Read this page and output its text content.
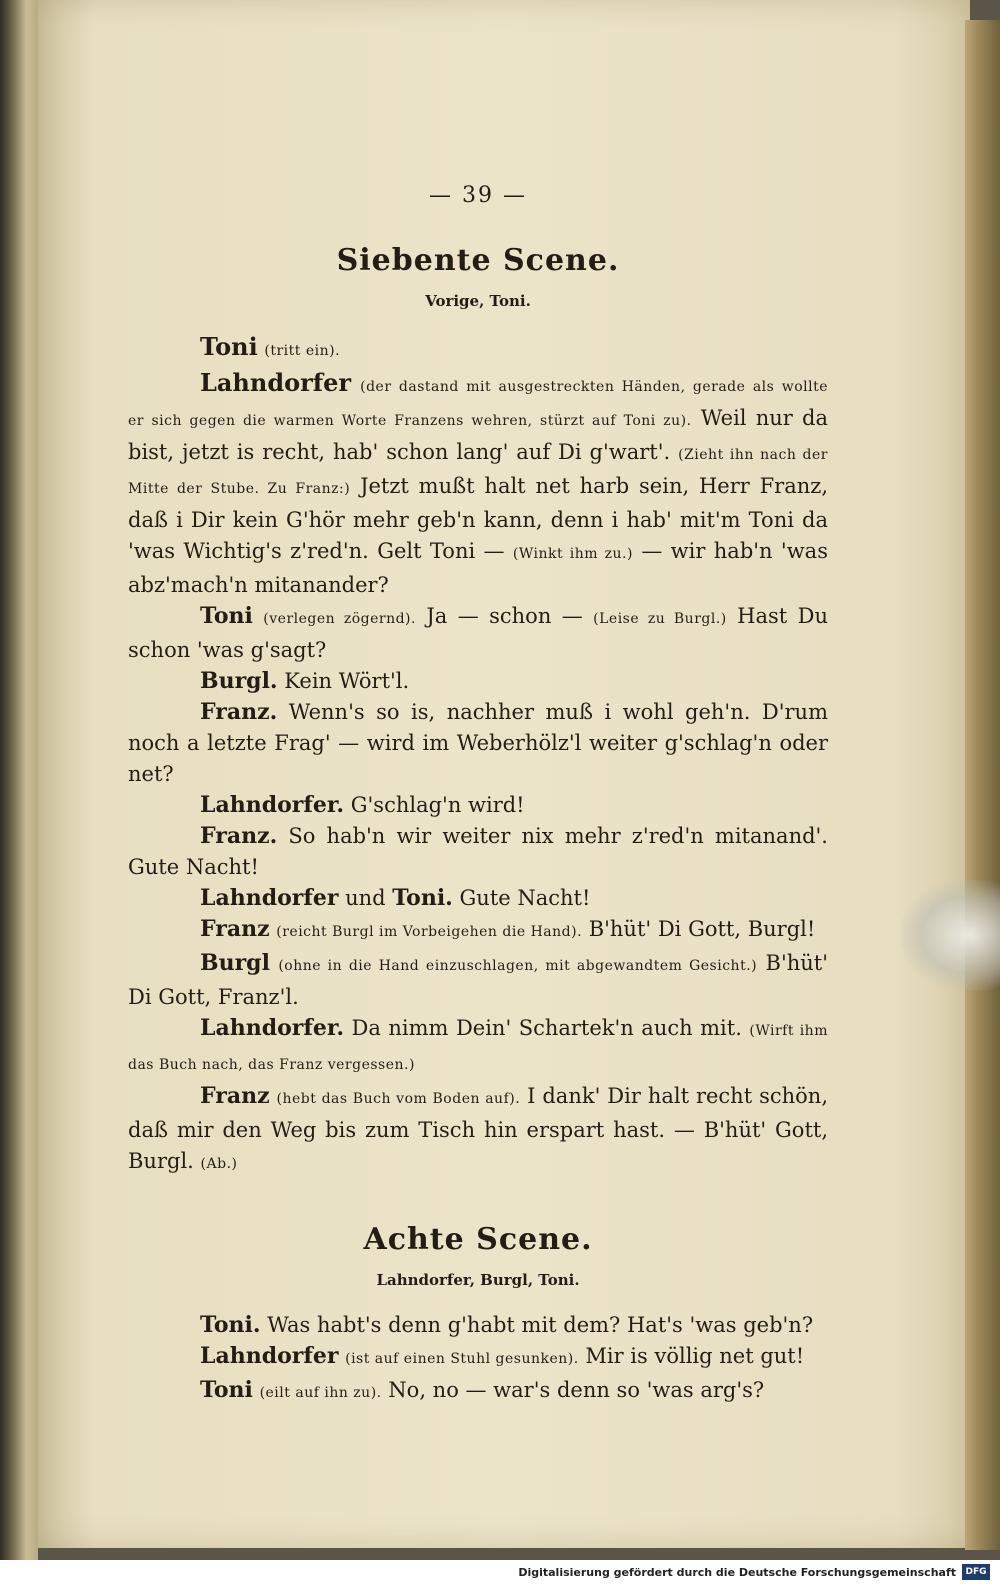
— 39 —
Siebente Scene.
Vorige, Toni.

Toni (tritt ein).

Lahndorfer (der dastand mit ausgestreckten Händen, gerade als wollte er sich gegen die warmen Worte Franzens wehren, stürzt auf Toni zu). Weil nur da bist, jetzt is recht, hab' schon lang' auf Di g'wart'. (Zieht ihn nach der Mitte der Stube. Zu Franz:) Jetzt mußt halt net harb sein, Herr Franz, daß i Dir kein G'hör mehr geb'n kann, denn i hab' mit'm Toni da 'was Wichtig's z'red'n. Gelt Toni — (Winkt ihm zu.) — wir hab'n 'was abz'mach'n mitanander?

Toni (verlegen zögernd). Ja — schon — (Leise zu Burgl.) Hast Du schon 'was g'sagt?

Burgl. Kein Wört'l.

Franz. Wenn's so is, nachher muß i wohl geh'n. D'rum noch a letzte Frag' — wird im Weberhölz'l weiter g'schlag'n oder net?

Lahndorfer. G'schlag'n wird!

Franz. So hab'n wir weiter nix mehr z'red'n mitanand'. Gute Nacht!

Lahndorfer und Toni. Gute Nacht!

Franz (reicht Burgl im Vorbeigehen die Hand). B'hüt' Di Gott, Burgl!

Burgl (ohne in die Hand einzuschlagen, mit abgewandtem Gesicht.) B'hüt' Di Gott, Franz'l.

Lahndorfer. Da nimm Dein' Schartek'n auch mit. (Wirft ihm das Buch nach, das Franz vergessen.)

Franz (hebt das Buch vom Boden auf). I dank' Dir halt recht schön, daß mir den Weg bis zum Tisch hin erspart hast. — B'hüt' Gott, Burgl. (Ab.)

Achte Scene.
Lahndorfer, Burgl, Toni.

Toni. Was habt's denn g'habt mit dem? Hat's 'was geb'n?

Lahndorfer (ist auf einen Stuhl gesunken). Mir is völlig net gut!

Toni (eilt auf ihn zu). No, no — war's denn so 'was arg's?

Digitalisierung gefördert durch die Deutsche Forschungsgemeinschaft	DFG
